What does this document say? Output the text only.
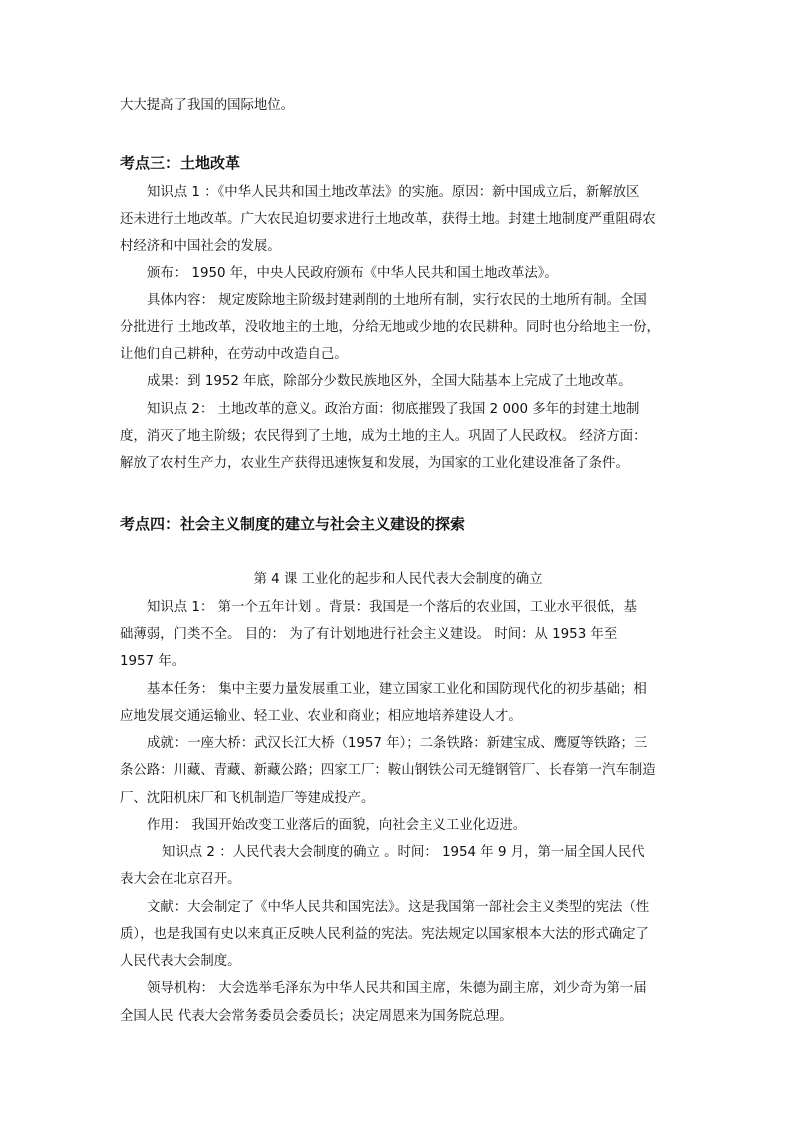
大大提高了我国的国际地位。
考点三：土地改革
知识点 1 ：《中华人民共和国土地改革法》的实施。原因：新中国成立后，新解放区
还未进行土地改革。广大农民迫切要求进行土地改革，获得土地。封建土地制度严重阻碍农
村经济和中国社会的发展。
颁布： 1950 年，中央人民政府颁布《中华人民共和国土地改革法》。
具体内容： 规定废除地主阶级封建剥削的土地所有制，实行农民的土地所有制。全国
分批进行 土地改革，没收地主的土地，分给无地或少地的农民耕种。同时也分给地主一份，
让他们自己耕种，在劳动中改造自己。
成果：到 1952 年底，除部分少数民族地区外，全国大陆基本上完成了土地改革。
知识点 2： 土地改革的意义。政治方面：彻底摧毁了我国 2 000 多年的封建土地制
度，消灭了地主阶级；农民得到了土地，成为土地的主人。巩固了人民政权。 经济方面：
解放了农村生产力，农业生产获得迅速恢复和发展，为国家的工业化建设准备了条件。
考点四：社会主义制度的建立与社会主义建设的探索
第 4 课 工业化的起步和人民代表大会制度的确立
知识点 1： 第一个五年计划 。背景：我国是一个落后的农业国，工业水平很低，基
础薄弱，门类不全。 目的： 为了有计划地进行社会主义建设。 时间：从 1953 年至
1957 年。
基本任务： 集中主要力量发展重工业，建立国家工业化和国防现代化的初步基础；相
应地发展交通运输业、轻工业、农业和商业；相应地培养建设人才。
成就：一座大桥：武汉长江大桥（1957 年）；二条铁路：新建宝成、鹰厦等铁路；三
条公路：川藏、青藏、新藏公路；四家工厂：鞍山钢铁公司无缝钢管厂、长春第一汽车制造
厂、沈阳机床厂和飞机制造厂等建成投产。
作用： 我国开始改变工业落后的面貌，向社会主义工业化迈进。
知识点 2 ：人民代表大会制度的确立 。时间： 1954 年 9 月，第一届全国人民代
表大会在北京召开。
文献：大会制定了《中华人民共和国宪法》。这是我国第一部社会主义类型的宪法（性
质），也是我国有史以来真正反映人民利益的宪法。宪法规定以国家根本大法的形式确定了
人民代表大会制度。
领导机构： 大会选举毛泽东为中华人民共和国主席，朱德为副主席，刘少奇为第一届
全国人民 代表大会常务委员会委员长；决定周恩来为国务院总理。
